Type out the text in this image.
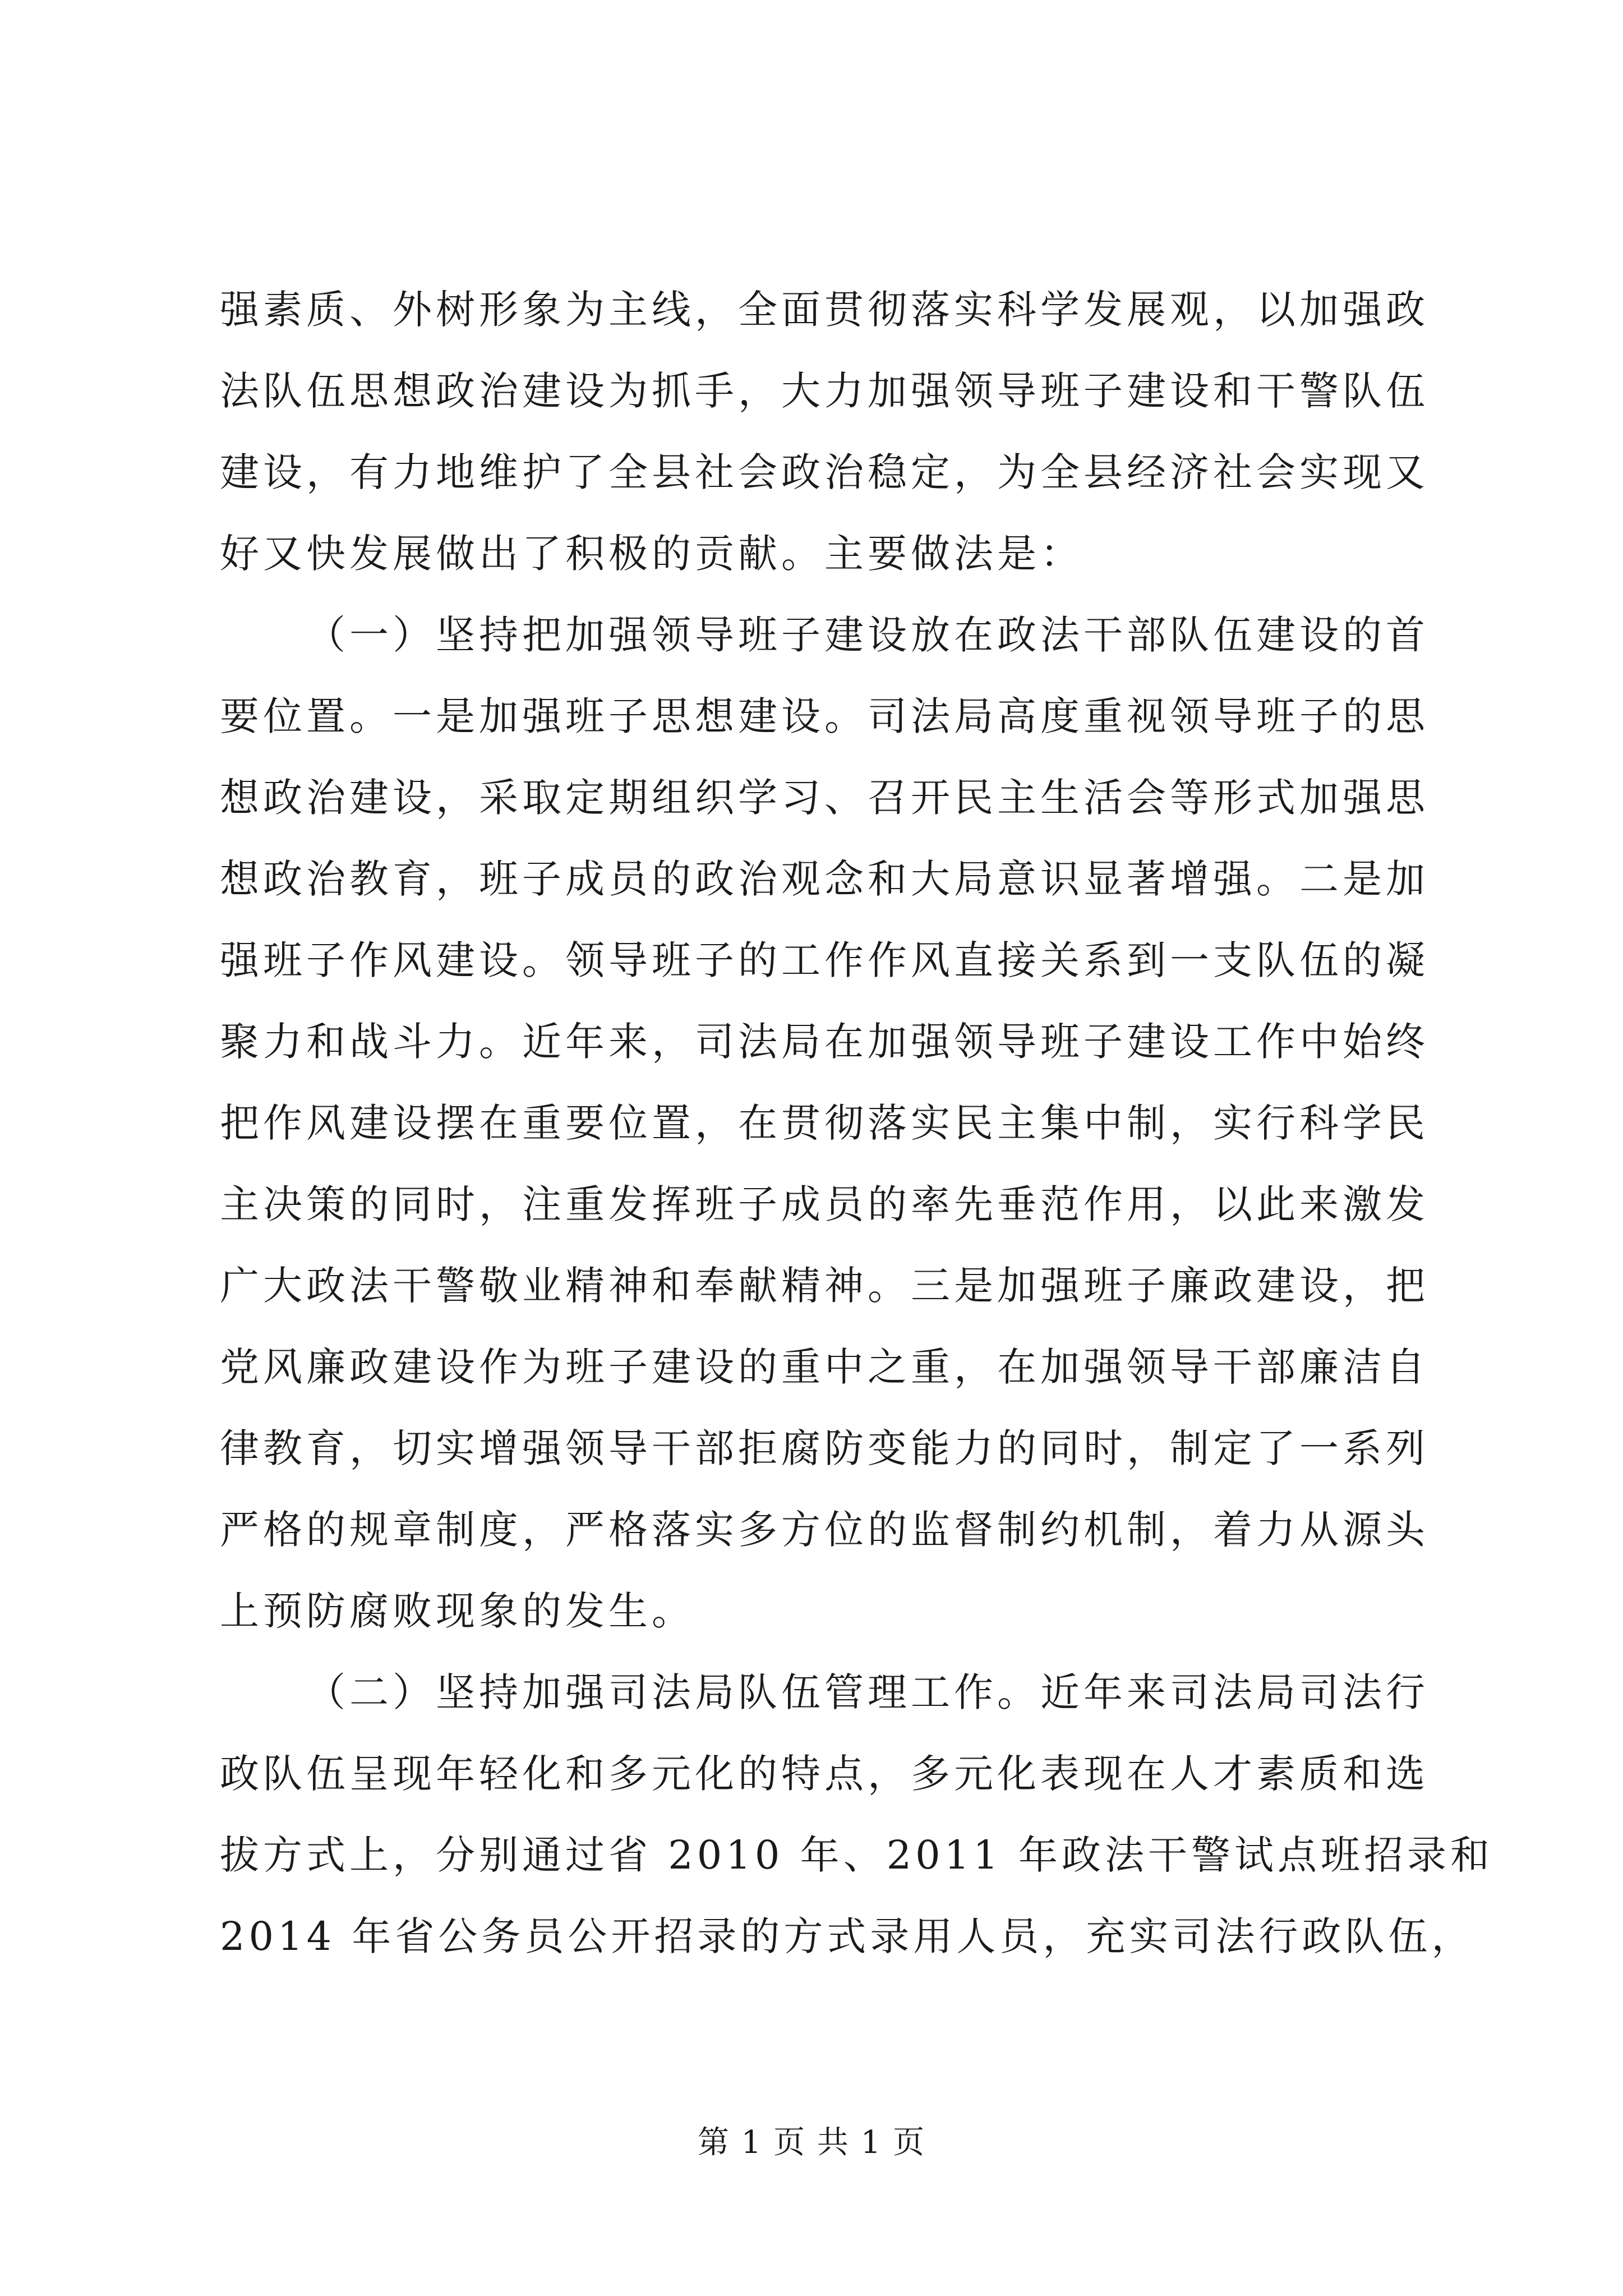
强素质、外树形象为主线，全面贯彻落实科学发展观，以加强政
法队伍思想政治建设为抓手，大力加强领导班子建设和干警队伍
建设，有力地维护了全县社会政治稳定，为全县经济社会实现又
好又快发展做出了积极的贡献。主要做法是：
（一）坚持把加强领导班子建设放在政法干部队伍建设的首
要位置。一是加强班子思想建设。司法局高度重视领导班子的思
想政治建设，采取定期组织学习、召开民主生活会等形式加强思
想政治教育，班子成员的政治观念和大局意识显著增强。二是加
强班子作风建设。领导班子的工作作风直接关系到一支队伍的凝
聚力和战斗力。近年来，司法局在加强领导班子建设工作中始终
把作风建设摆在重要位置，在贯彻落实民主集中制，实行科学民
主决策的同时，注重发挥班子成员的率先垂范作用，以此来激发
广大政法干警敬业精神和奉献精神。三是加强班子廉政建设，把
党风廉政建设作为班子建设的重中之重，在加强领导干部廉洁自
律教育，切实增强领导干部拒腐防变能力的同时，制定了一系列
严格的规章制度，严格落实多方位的监督制约机制，着力从源头
上预防腐败现象的发生。
（二）坚持加强司法局队伍管理工作。近年来司法局司法行
政队伍呈现年轻化和多元化的特点，多元化表现在人才素质和选
拔方式上，分别通过省 2010 年、2011 年政法干警试点班招录和
2014 年省公务员公开招录的方式录用人员，充实司法行政队伍，
第 1 页 共 1 页
